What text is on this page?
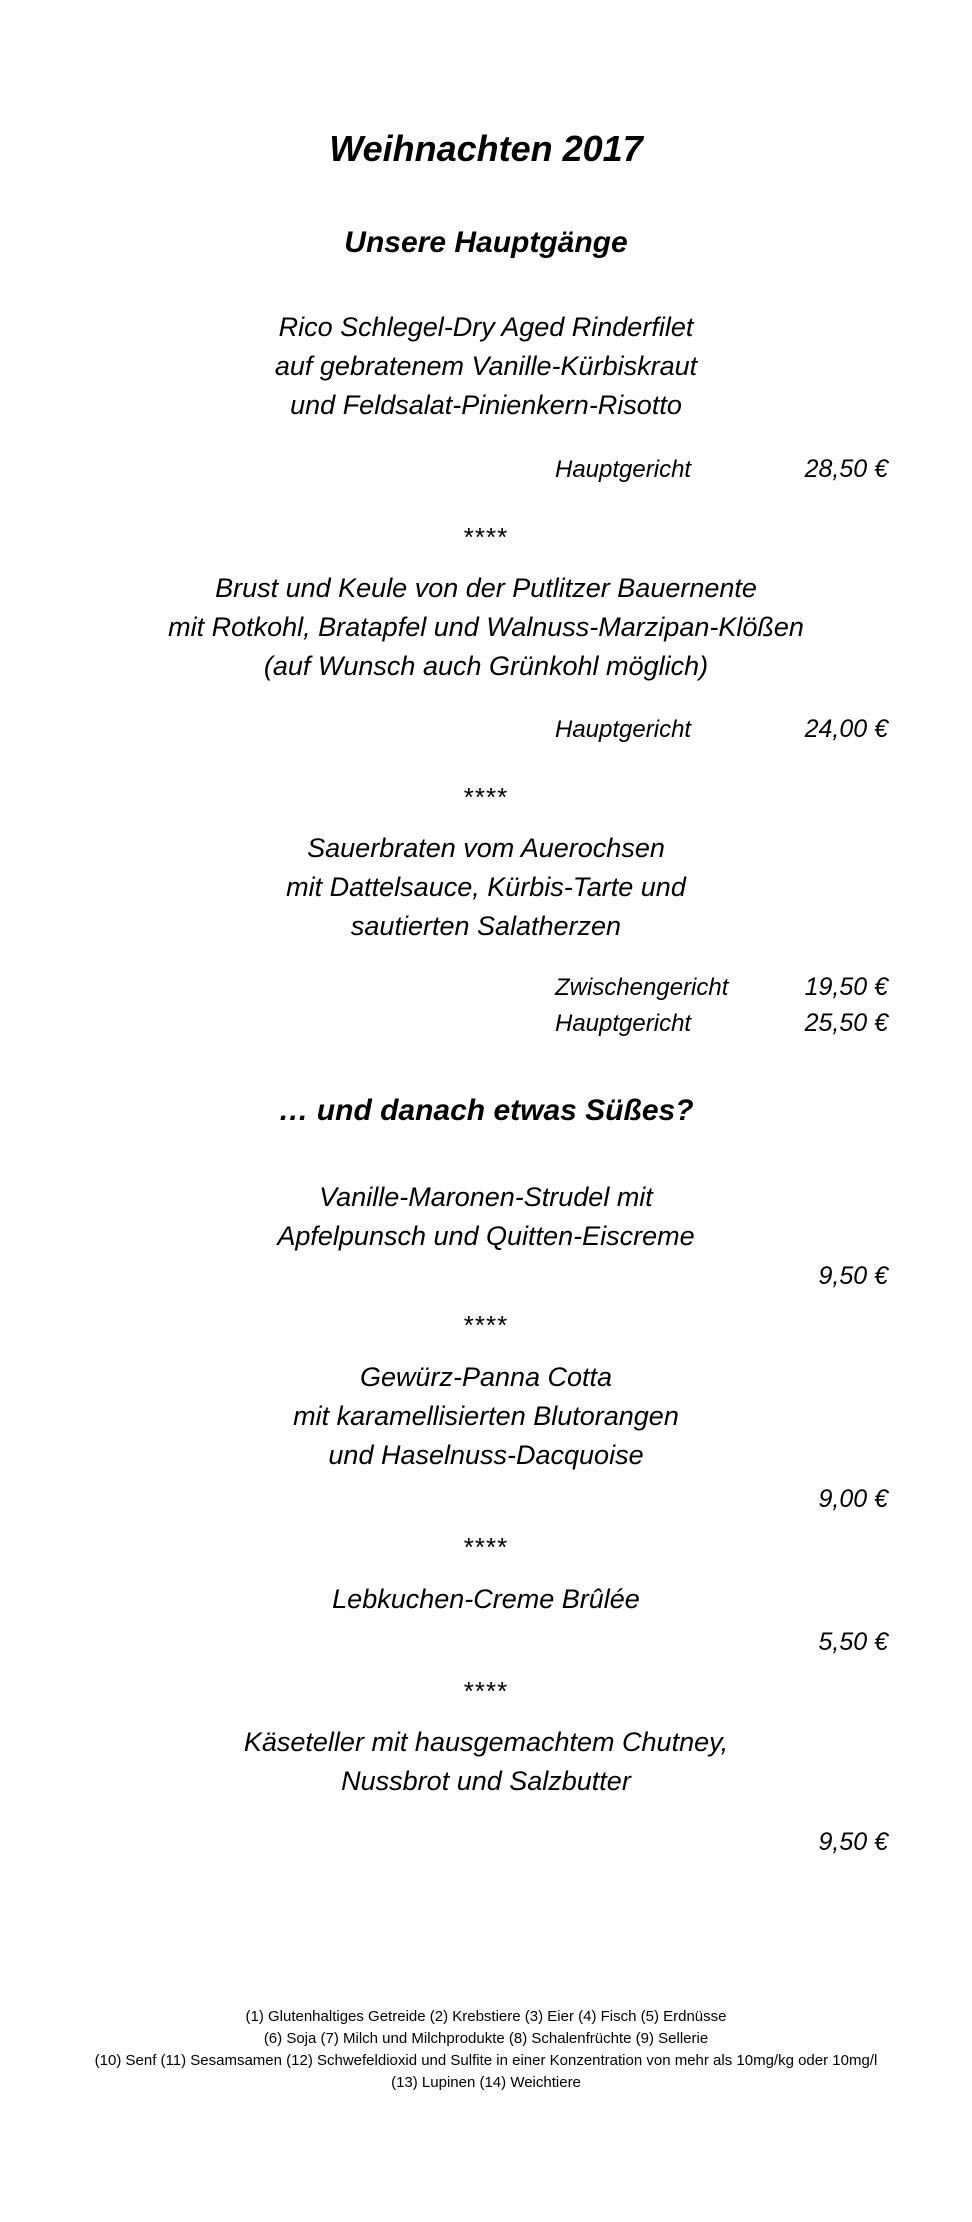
Weihnachten 2017
Unsere Hauptgänge
Rico Schlegel-Dry Aged Rinderfilet
auf gebratenem Vanille-Kürbiskraut
und Feldsalat-Pinienkern-Risotto
Hauptgericht	28,50 €
****
Brust und Keule von der Putlitzer Bauernente
mit Rotkohl, Bratapfel und Walnuss-Marzipan-Klößen
(auf Wunsch auch Grünkohl möglich)
Hauptgericht	24,00 €
****
Sauerbraten vom Auerochsen
mit Dattelsauce, Kürbis-Tarte und
sautierten Salatherzen
Zwischengericht	19,50 €
Hauptgericht	25,50 €
… und danach etwas Süßes?
Vanille-Maronen-Strudel mit
Apfelpunsch und Quitten-Eiscreme
9,50 €
****
Gewürz-Panna Cotta
mit karamellisierten Blutorangen
und Haselnuss-Dacquoise
9,00 €
****
Lebkuchen-Creme Brûlée
5,50 €
****
Käseteller mit hausgemachtem Chutney,
Nussbrot und Salzbutter
9,50 €
(1) Glutenhaltiges Getreide (2) Krebstiere (3) Eier (4) Fisch (5) Erdnüsse
(6) Soja (7) Milch und Milchprodukte (8) Schalenfrüchte (9) Sellerie
(10) Senf (11) Sesamsamen (12) Schwefeldioxid und Sulfite in einer Konzentration von mehr als 10mg/kg oder 10mg/l
(13) Lupinen (14) Weichtiere
